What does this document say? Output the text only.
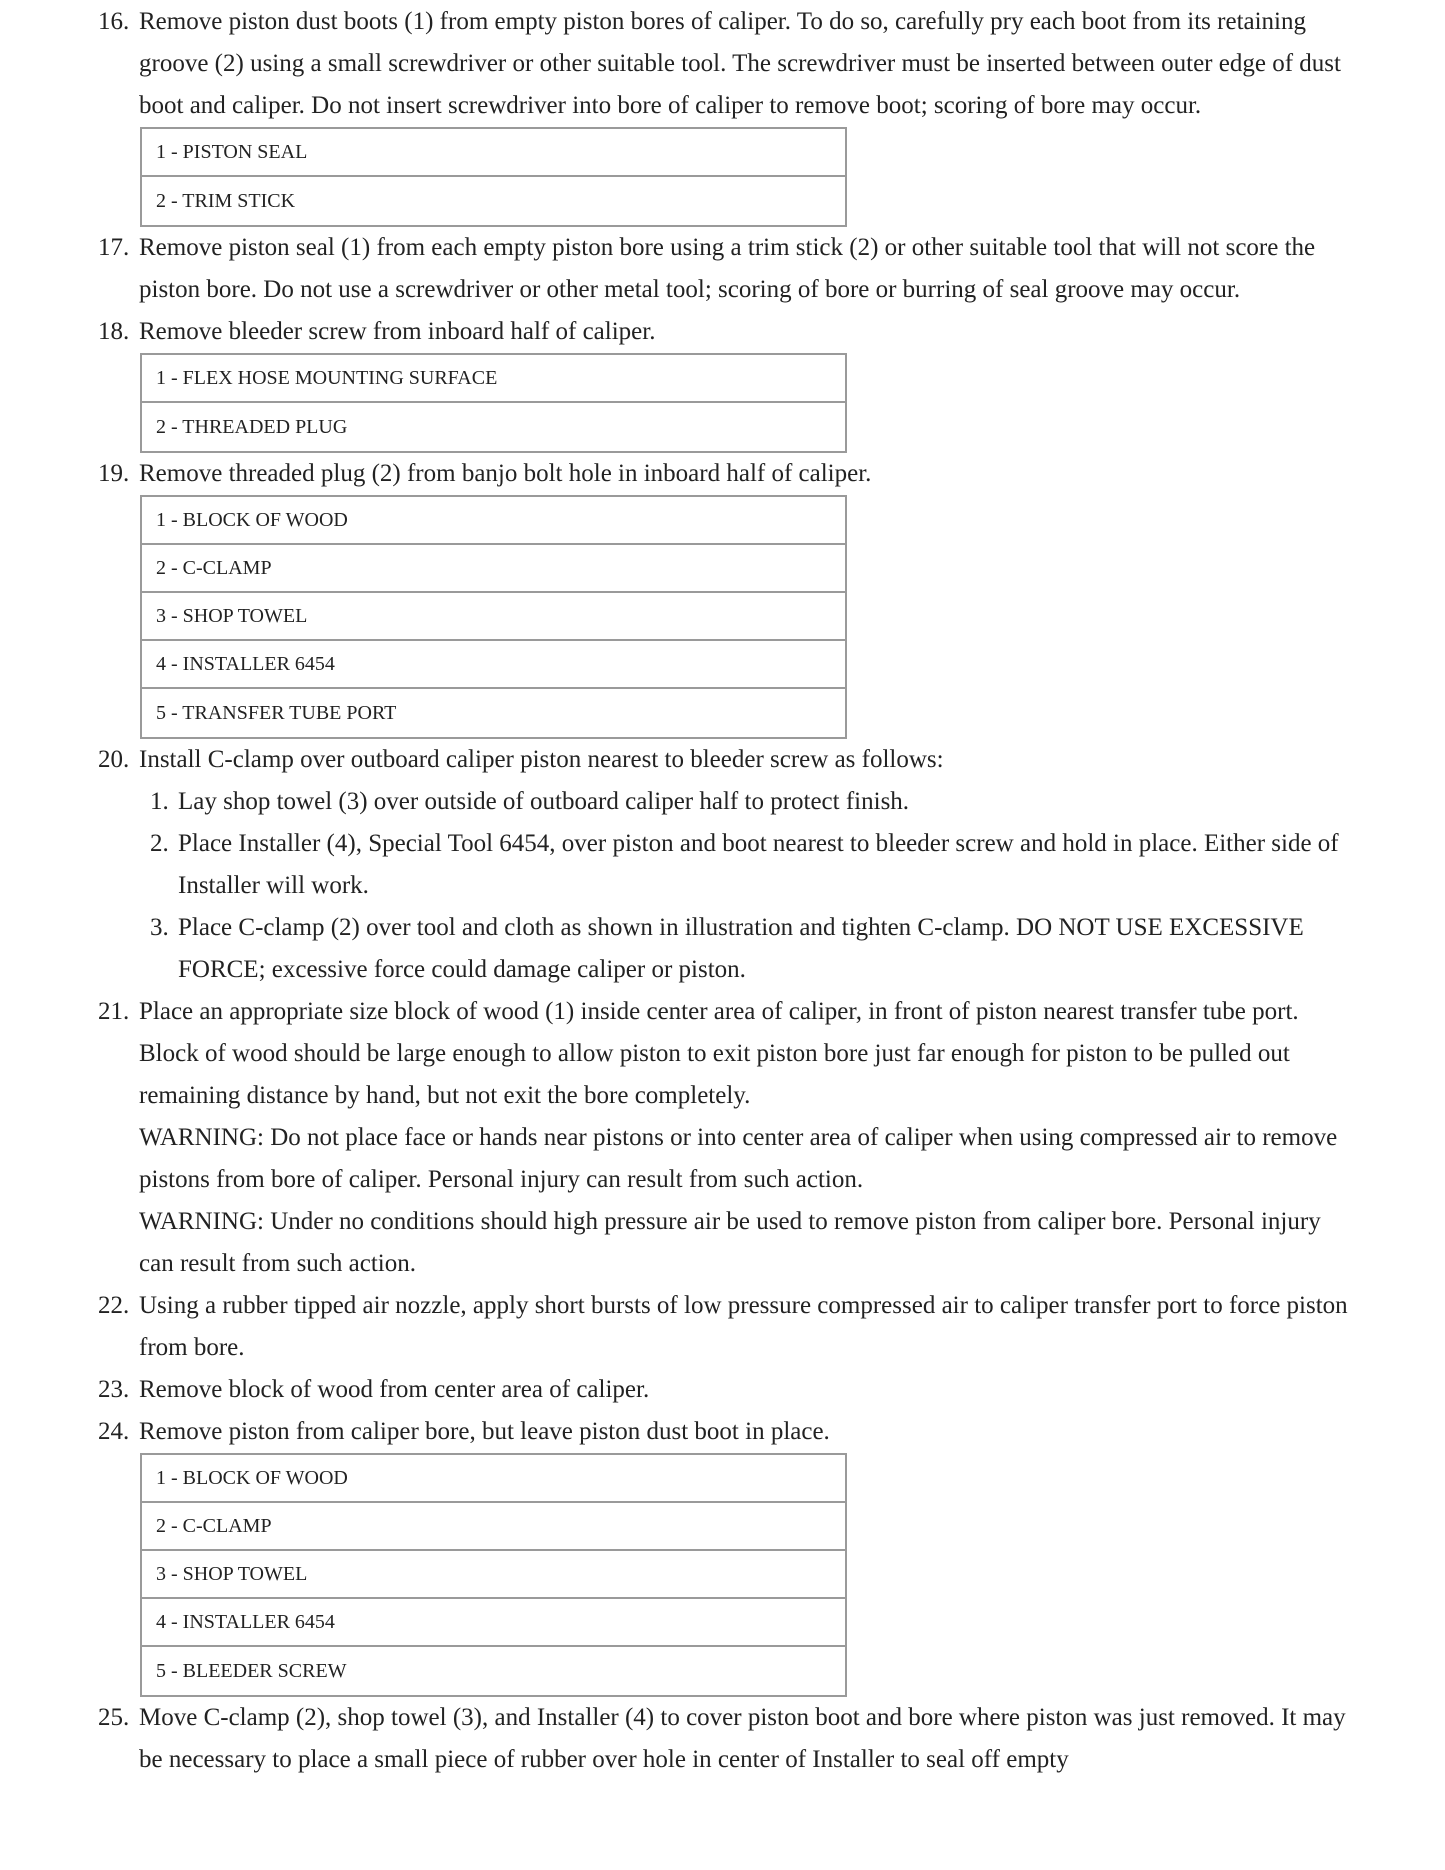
16. Remove piston dust boots (1) from empty piston bores of caliper. To do so, carefully pry each boot from its retaining groove (2) using a small screwdriver or other suitable tool. The screwdriver must be inserted between outer edge of dust boot and caliper. Do not insert screwdriver into bore of caliper to remove boot; scoring of bore may occur.
1 - PISTON SEAL
2 - TRIM STICK
17. Remove piston seal (1) from each empty piston bore using a trim stick (2) or other suitable tool that will not score the piston bore. Do not use a screwdriver or other metal tool; scoring of bore or burring of seal groove may occur.
18. Remove bleeder screw from inboard half of caliper.
1 - FLEX HOSE MOUNTING SURFACE
2 - THREADED PLUG
19. Remove threaded plug (2) from banjo bolt hole in inboard half of caliper.
1 - BLOCK OF WOOD
2 - C-CLAMP
3 - SHOP TOWEL
4 - INSTALLER 6454
5 - TRANSFER TUBE PORT
20. Install C-clamp over outboard caliper piston nearest to bleeder screw as follows:
1. Lay shop towel (3) over outside of outboard caliper half to protect finish.
2. Place Installer (4), Special Tool 6454, over piston and boot nearest to bleeder screw and hold in place. Either side of Installer will work.
3. Place C-clamp (2) over tool and cloth as shown in illustration and tighten C-clamp. DO NOT USE EXCESSIVE FORCE; excessive force could damage caliper or piston.
21. Place an appropriate size block of wood (1) inside center area of caliper, in front of piston nearest transfer tube port. Block of wood should be large enough to allow piston to exit piston bore just far enough for piston to be pulled out remaining distance by hand, but not exit the bore completely.
WARNING: Do not place face or hands near pistons or into center area of caliper when using compressed air to remove pistons from bore of caliper. Personal injury can result from such action.
WARNING: Under no conditions should high pressure air be used to remove piston from caliper bore. Personal injury can result from such action.
22. Using a rubber tipped air nozzle, apply short bursts of low pressure compressed air to caliper transfer port to force piston from bore.
23. Remove block of wood from center area of caliper.
24. Remove piston from caliper bore, but leave piston dust boot in place.
1 - BLOCK OF WOOD
2 - C-CLAMP
3 - SHOP TOWEL
4 - INSTALLER 6454
5 - BLEEDER SCREW
25. Move C-clamp (2), shop towel (3), and Installer (4) to cover piston boot and bore where piston was just removed. It may be necessary to place a small piece of rubber over hole in center of Installer to seal off empty
